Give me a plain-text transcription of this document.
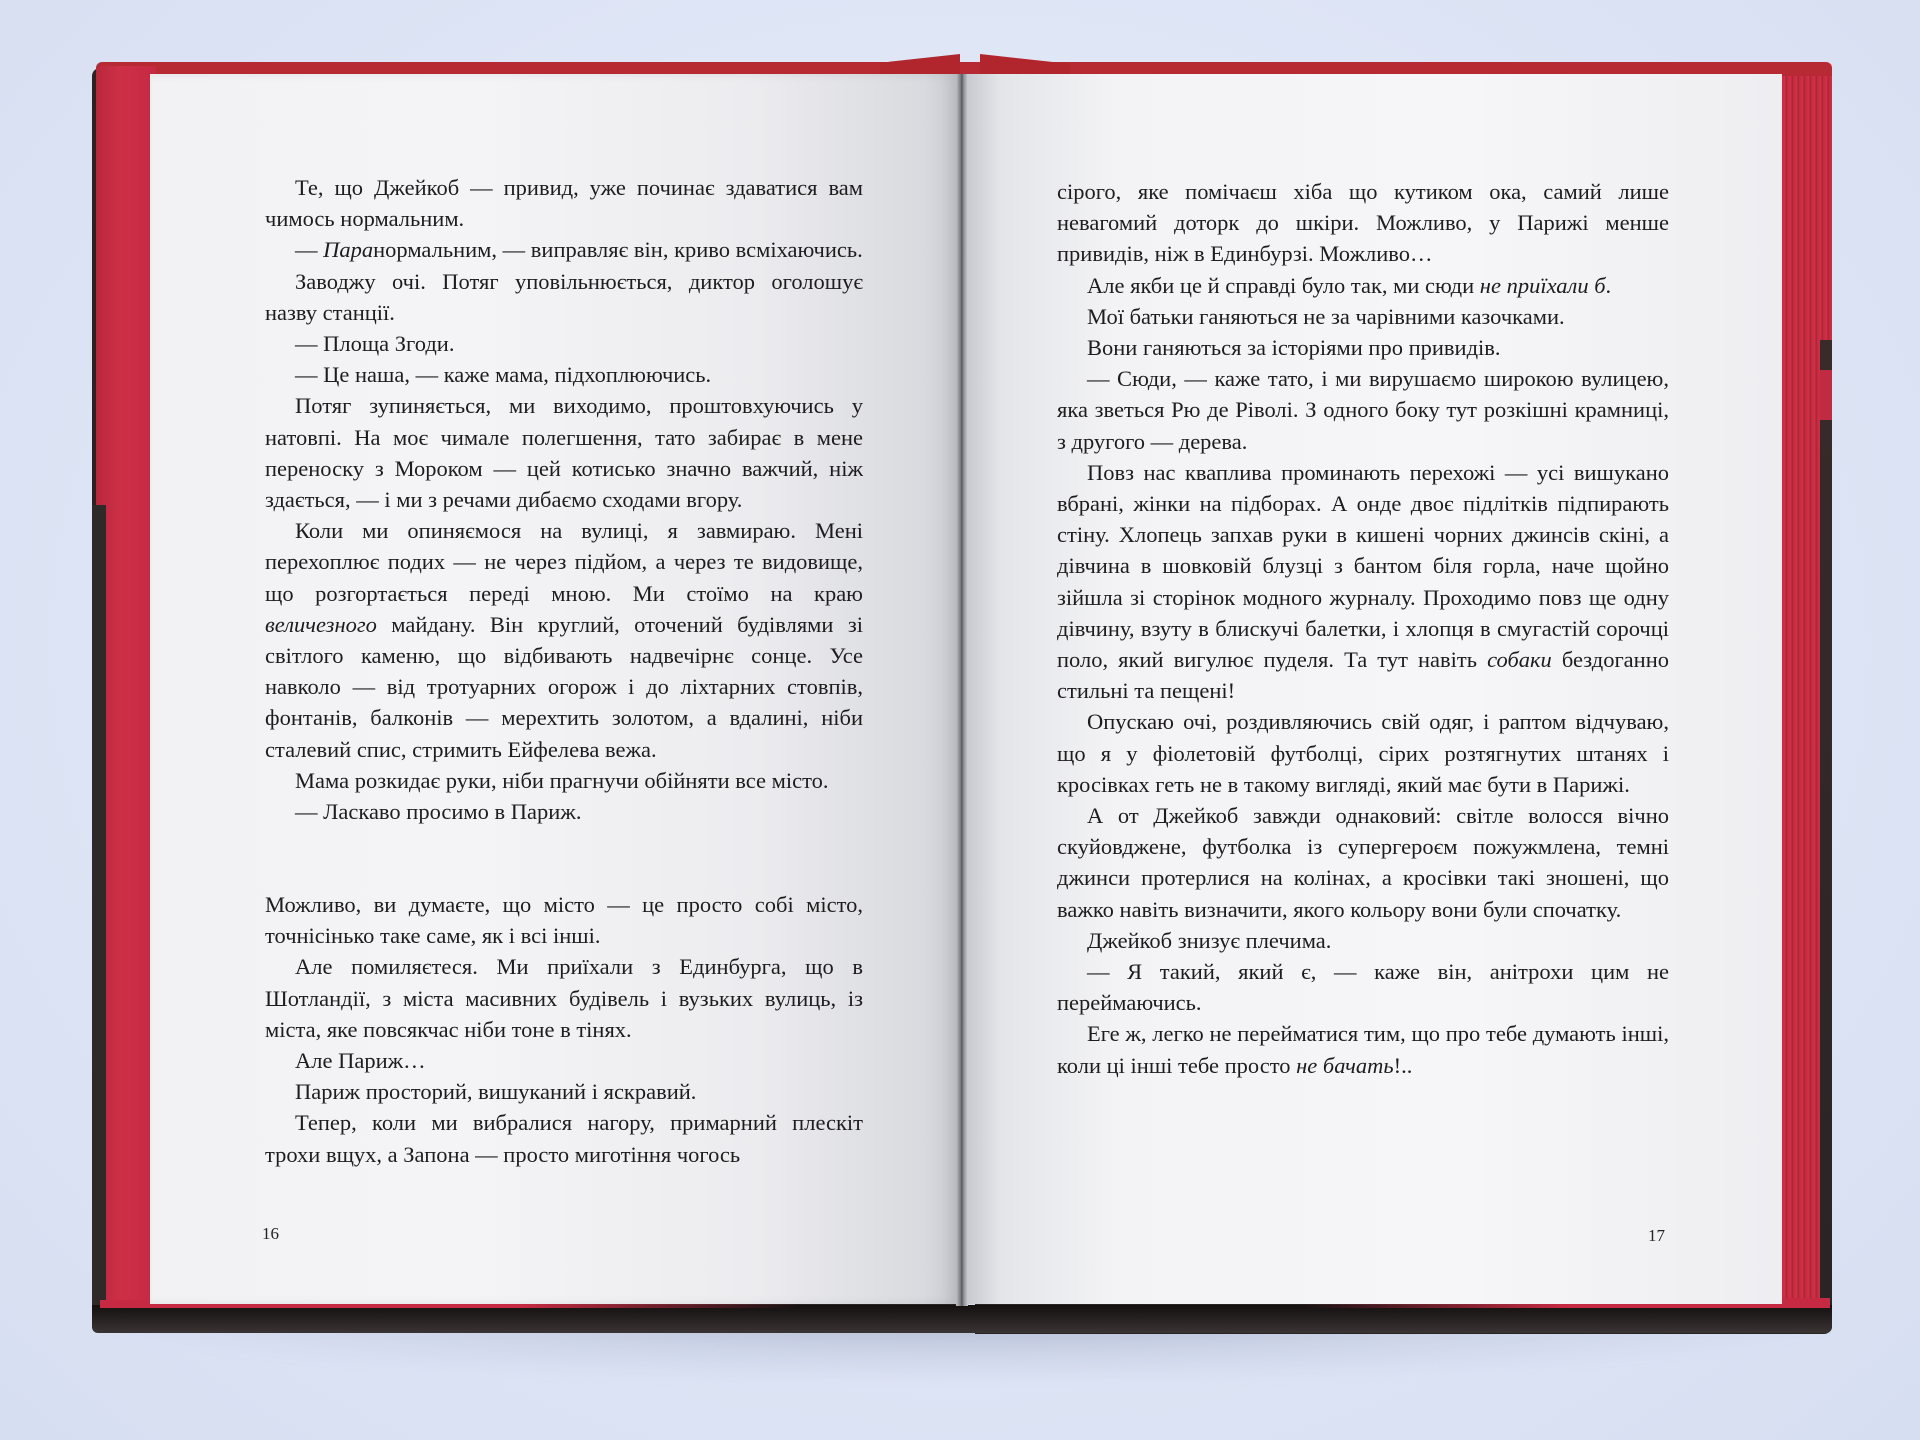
Те, що Джейкоб — привид, уже починає здаватися вам чимось нормальним.

— Паранормальним, — виправляє він, криво всміхаючись.

Заводжу очі. Потяг уповільнюється, диктор оголошує назву станції.

— Площа Згоди.

— Це наша, — каже мама, підхоплюючись.

Потяг зупиняється, ми виходимо, проштовхуючись у натовпі. На моє чимале полегшення, тато забирає в мене переноску з Мороком — цей котисько значно важчий, ніж здається, — і ми з речами дибаємо сходами вгору.

Коли ми опиняємося на вулиці, я завмираю. Мені перехоплює подих — не через підйом, а через те видовище, що розгортається переді мною. Ми стоїмо на краю величезного майдану. Він круглий, оточений будівлями зі світлого каменю, що відбивають надвечірнє сонце. Усе навколо — від тротуарних огорож і до ліхтарних стовпів, фонтанів, балконів — мерехтить золотом, а вдалині, ніби сталевий спис, стримить Ейфелева вежа.

Мама розкидає руки, ніби прагнучи обійняти все місто.

— Ласкаво просимо в Париж.

Можливо, ви думаєте, що місто — це просто собі місто, точнісінько таке саме, як і всі інші.

Але помиляєтеся. Ми приїхали з Единбурга, що в Шотландії, з міста масивних будівель і вузьких вулиць, із міста, яке повсякчас ніби тоне в тінях.

Але Париж…

Париж просторий, вишуканий і яскравий.

Тепер, коли ми вибралися нагору, примарний плескіт трохи вщух, а Запона — просто миготіння чогось

16

сірого, яке помічаєш хіба що кутиком ока, самий лише невагомий доторк до шкіри. Можливо, у Парижі менше привидів, ніж в Единбурзі. Можливо…

Але якби це й справді було так, ми сюди не приїхали б.

Мої батьки ганяються не за чарівними казочками.

Вони ганяються за історіями про привидів.

— Сюди, — каже тато, і ми вирушаємо широкою вулицею, яка зветься Рю де Ріволі. З одного боку тут розкішні крамниці, з другого — дерева.

Повз нас кваплива проминають перехожі — усі вишукано вбрані, жінки на підборах. А онде двоє підлітків підпирають стіну. Хлопець запхав руки в кишені чорних джинсів скіні, а дівчина в шовковій блузці з бантом біля горла, наче щойно зійшла зі сторінок модного журналу. Проходимо повз ще одну дівчину, взуту в блискучі балетки, і хлопця в смугастій сорочці поло, який вигулює пуделя. Та тут навіть собаки бездоганно стильні та пещені!

Опускаю очі, роздивляючись свій одяг, і раптом відчуваю, що я у фіолетовій футболці, сірих розтягнутих штанях і кросівках геть не в такому вигляді, який має бути в Парижі.

А от Джейкоб завжди однаковий: світле волосся вічно скуйовджене, футболка із супергероєм пожужмлена, темні джинси протерлися на колінах, а кросівки такі зношені, що важко навіть визначити, якого кольору вони були спочатку.

Джейкоб знизує плечима.

— Я такий, який є, — каже він, анітрохи цим не переймаючись.

Еге ж, легко не перейматися тим, що про тебе думають інші, коли ці інші тебе просто не бачать!..

17
